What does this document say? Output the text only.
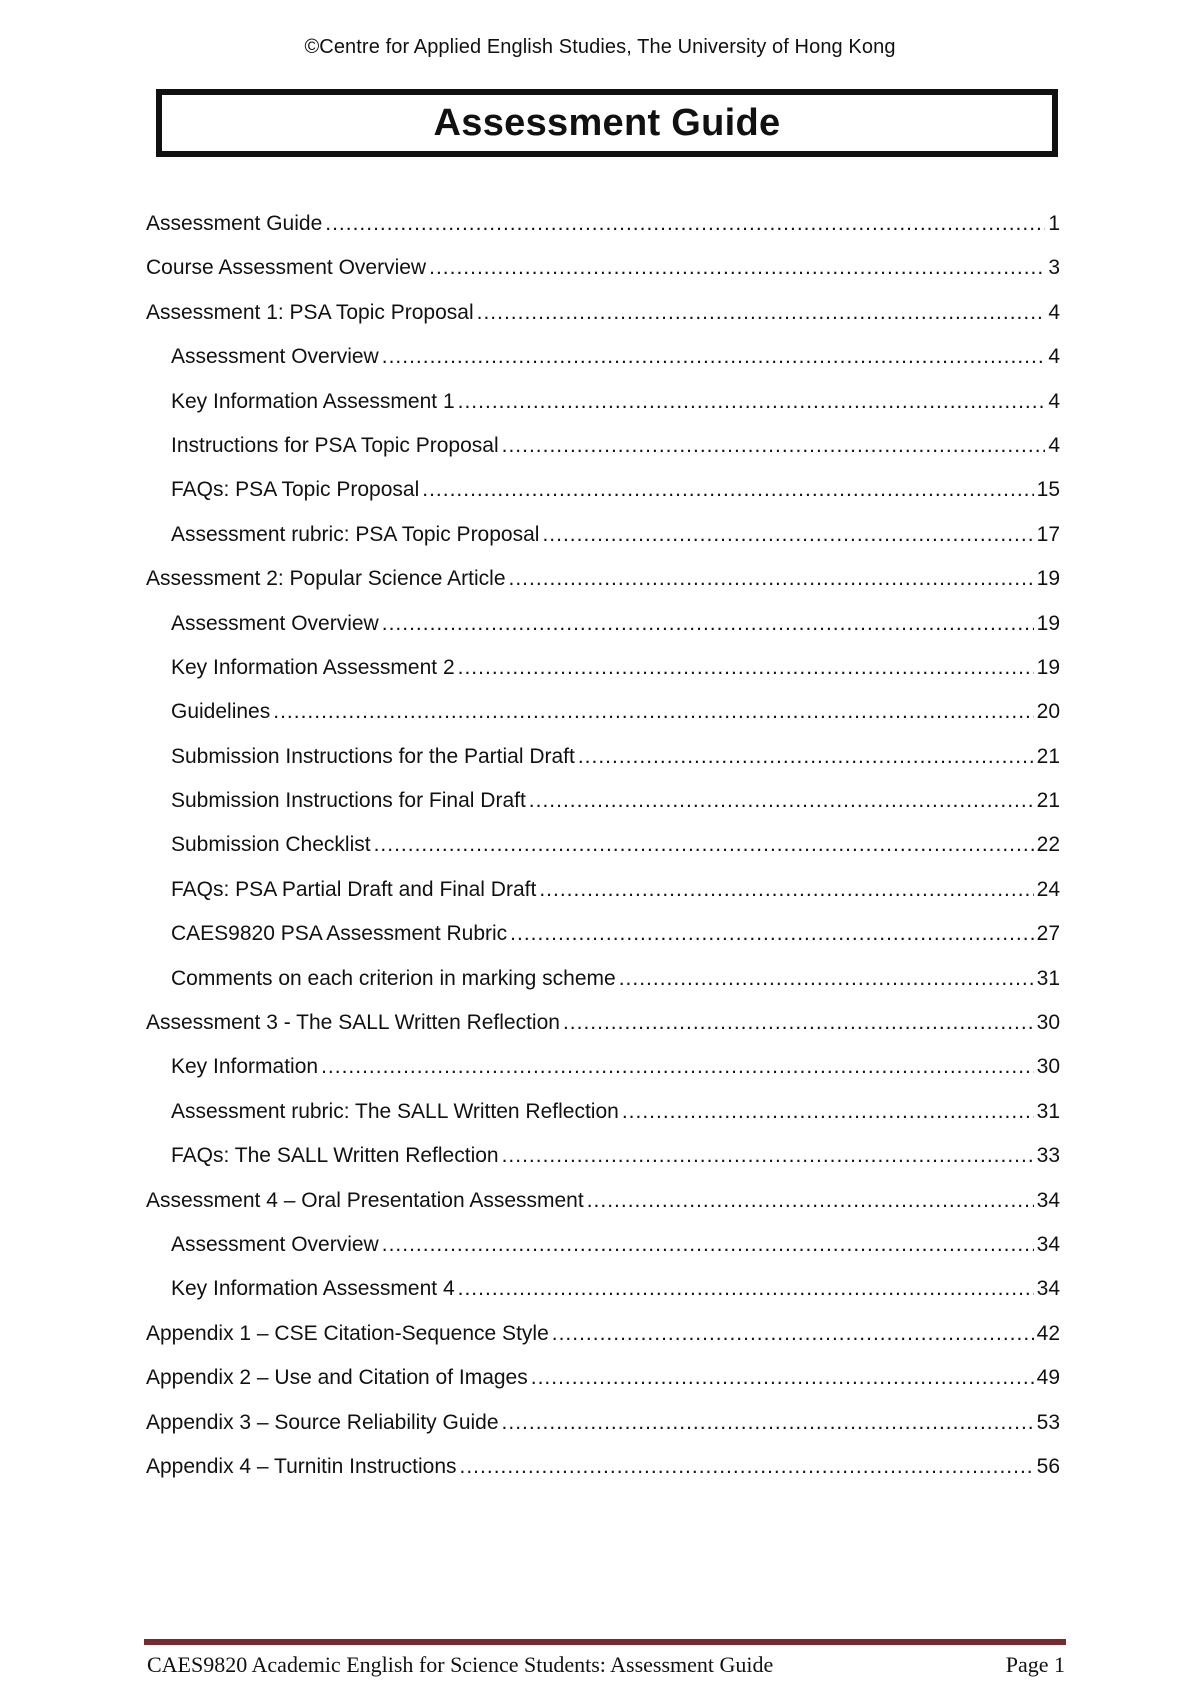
©Centre for Applied English Studies, The University of Hong Kong
Assessment Guide
Assessment Guide .....	1
Course Assessment Overview .....	3
Assessment 1: PSA Topic Proposal .....	4
Assessment Overview .....	4
Key Information Assessment 1 .....	4
Instructions for PSA Topic Proposal .....	4
FAQs: PSA Topic Proposal .....	15
Assessment rubric: PSA Topic Proposal .....	17
Assessment 2: Popular Science Article .....	19
Assessment Overview .....	19
Key Information Assessment 2 .....	19
Guidelines .....	20
Submission Instructions for the Partial Draft .....	21
Submission Instructions for Final Draft .....	21
Submission Checklist .....	22
FAQs: PSA Partial Draft and Final Draft .....	24
CAES9820 PSA Assessment Rubric .....	27
Comments on each criterion in marking scheme .....	31
Assessment 3 - The SALL Written Reflection .....	30
Key Information .....	30
Assessment rubric: The SALL Written Reflection .....	31
FAQs: The SALL Written Reflection .....	33
Assessment 4 – Oral Presentation Assessment .....	34
Assessment Overview .....	34
Key Information Assessment 4 .....	34
Appendix 1 – CSE Citation-Sequence Style .....	42
Appendix 2 – Use and Citation of Images .....	49
Appendix 3 – Source Reliability Guide .....	53
Appendix 4 – Turnitin Instructions .....	56
CAES9820 Academic English for Science Students: Assessment Guide	Page 1
